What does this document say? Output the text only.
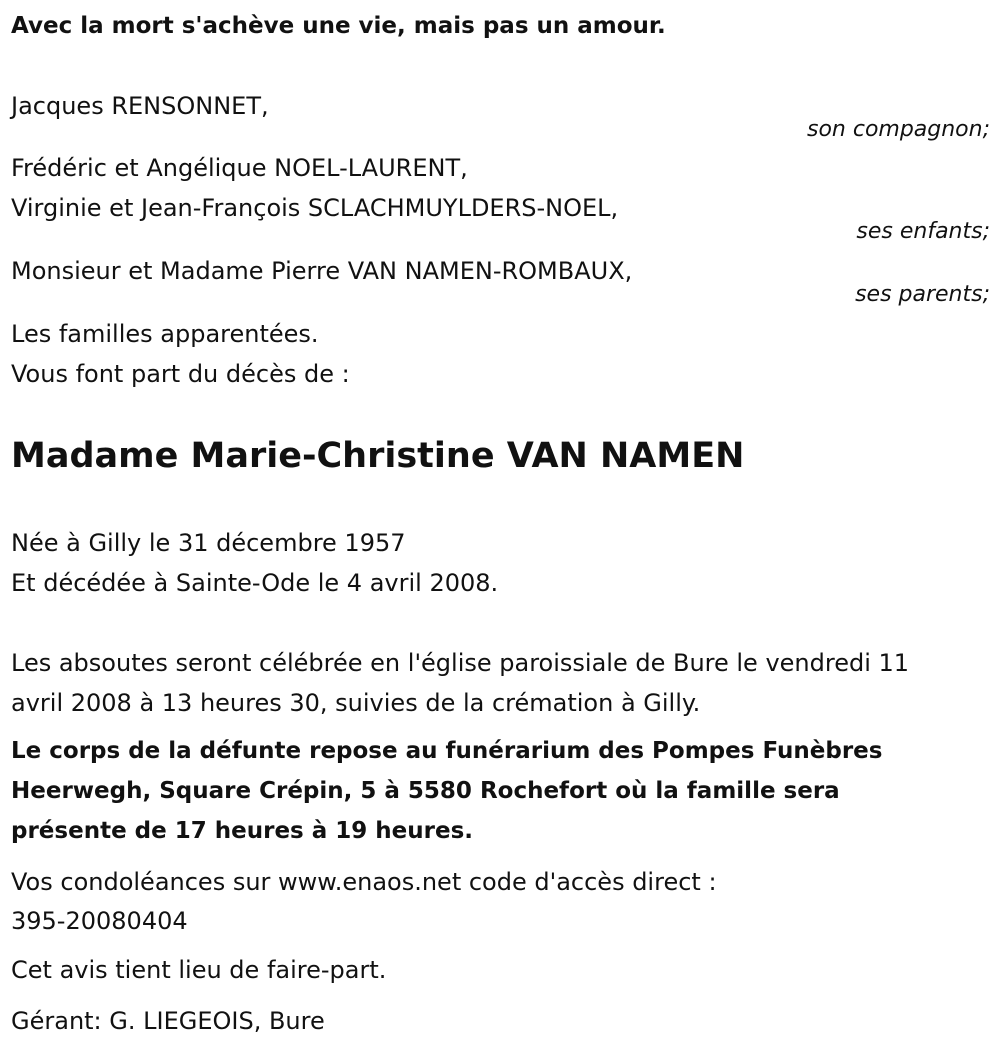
Avec la mort s'achève une vie, mais pas un amour.
Jacques RENSONNET,
son compagnon;
Frédéric et Angélique NOEL-LAURENT,
Virginie et Jean-François SCLACHMUYLDERS-NOEL,
ses enfants;
Monsieur et Madame Pierre VAN NAMEN-ROMBAUX,
ses parents;
Les familles apparentées.
Vous font part du décès de :
Madame Marie-Christine VAN NAMEN
Née à Gilly le 31 décembre 1957
Et décédée à Sainte-Ode le 4 avril 2008.
Les absoutes seront célébrée en l'église paroissiale de Bure le vendredi 11
avril 2008 à 13 heures 30, suivies de la crémation à Gilly.
Le corps de la défunte repose au funérarium des Pompes Funèbres
Heerwegh, Square Crépin, 5 à 5580 Rochefort où la famille sera
présente de 17 heures à 19 heures.
Vos condoléances sur www.enaos.net code d'accès direct :
395-20080404
Cet avis tient lieu de faire-part.
Gérant: G. LIEGEOIS, Bure
